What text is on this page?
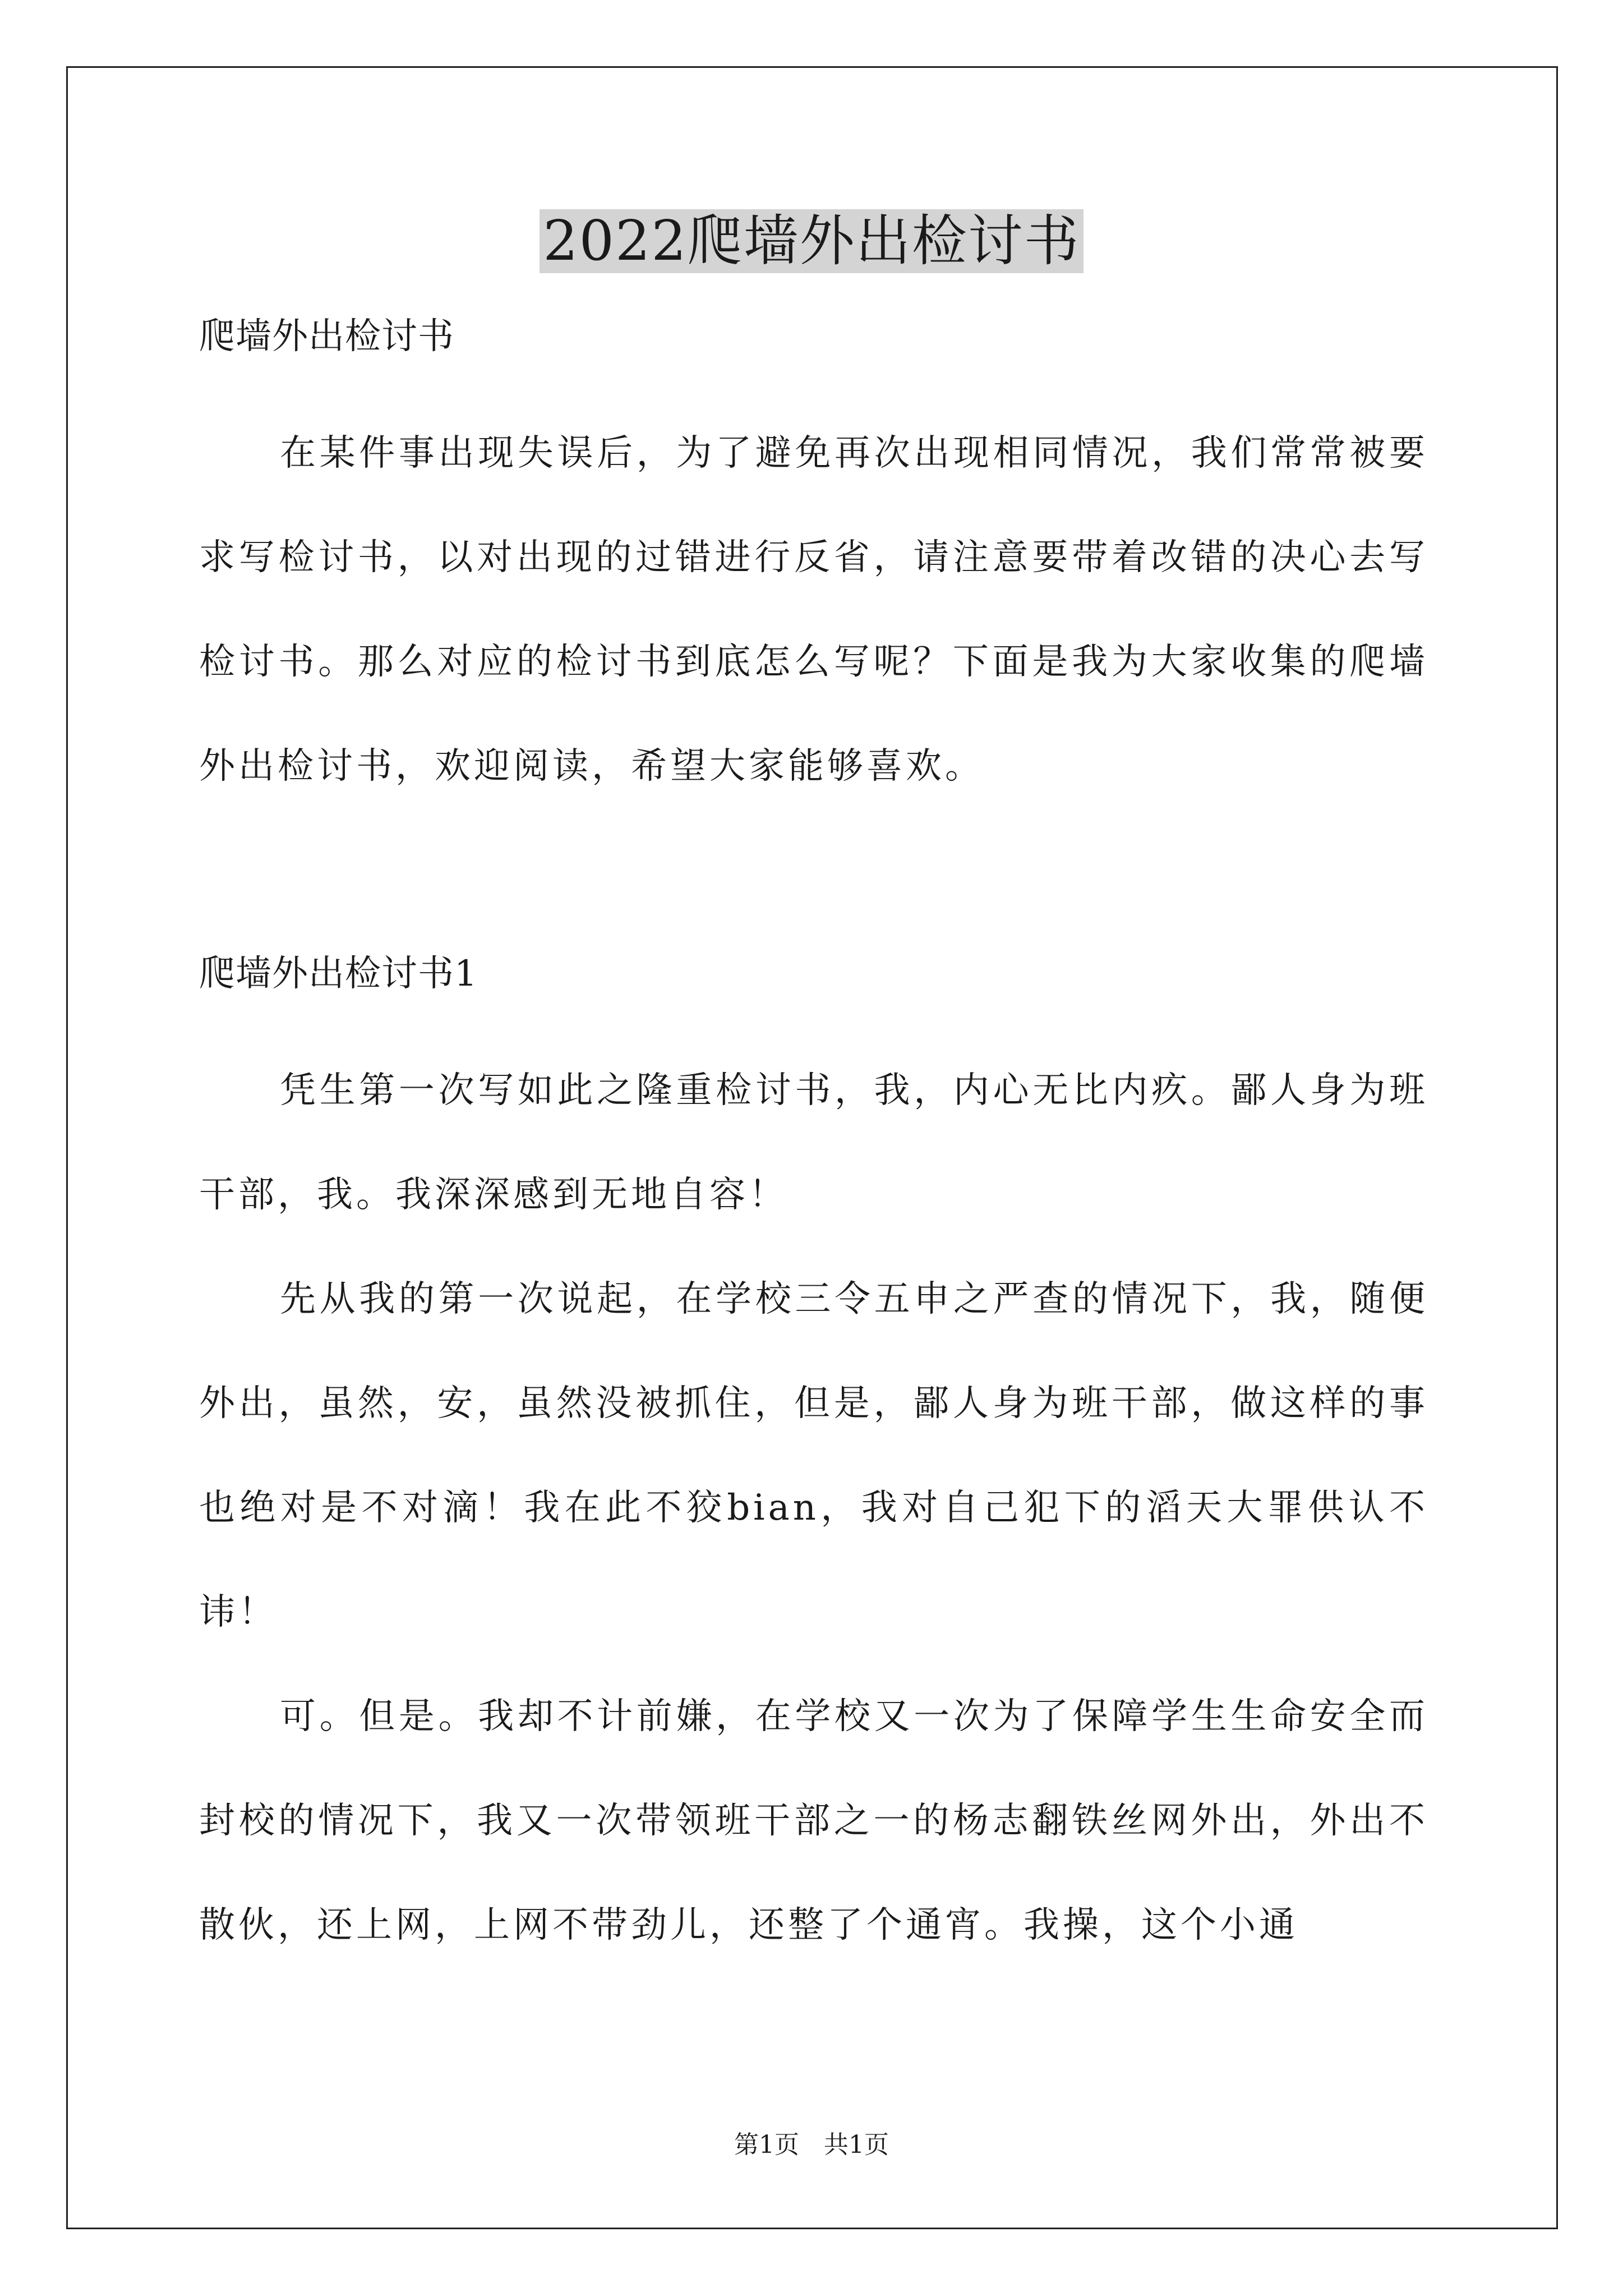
2022爬墙外出检讨书

爬墙外出检讨书

在某件事出现失误后，为了避免再次出现相同情况，我们常常被要求写检讨书，以对出现的过错进行反省，请注意要带着改错的决心去写检讨书。那么对应的检讨书到底怎么写呢？下面是我为大家收集的爬墙外出检讨书，欢迎阅读，希望大家能够喜欢。

爬墙外出检讨书1

凭生第一次写如此之隆重检讨书，我，内心无比内疚。鄙人身为班干部，我。我深深感到无地自容！

先从我的第一次说起，在学校三令五申之严查的情况下，我，随便外出，虽然，安，虽然没被抓住，但是，鄙人身为班干部，做这样的事也绝对是不对滴！我在此不狡bian，我对自己犯下的滔天大罪供认不讳！

可。但是。我却不计前嫌，在学校又一次为了保障学生生命安全而封校的情况下，我又一次带领班干部之一的杨志翻铁丝网外出，外出不散伙，还上网，上网不带劲儿，还整了个通宵。我操，这个小通

第1页 共1页
